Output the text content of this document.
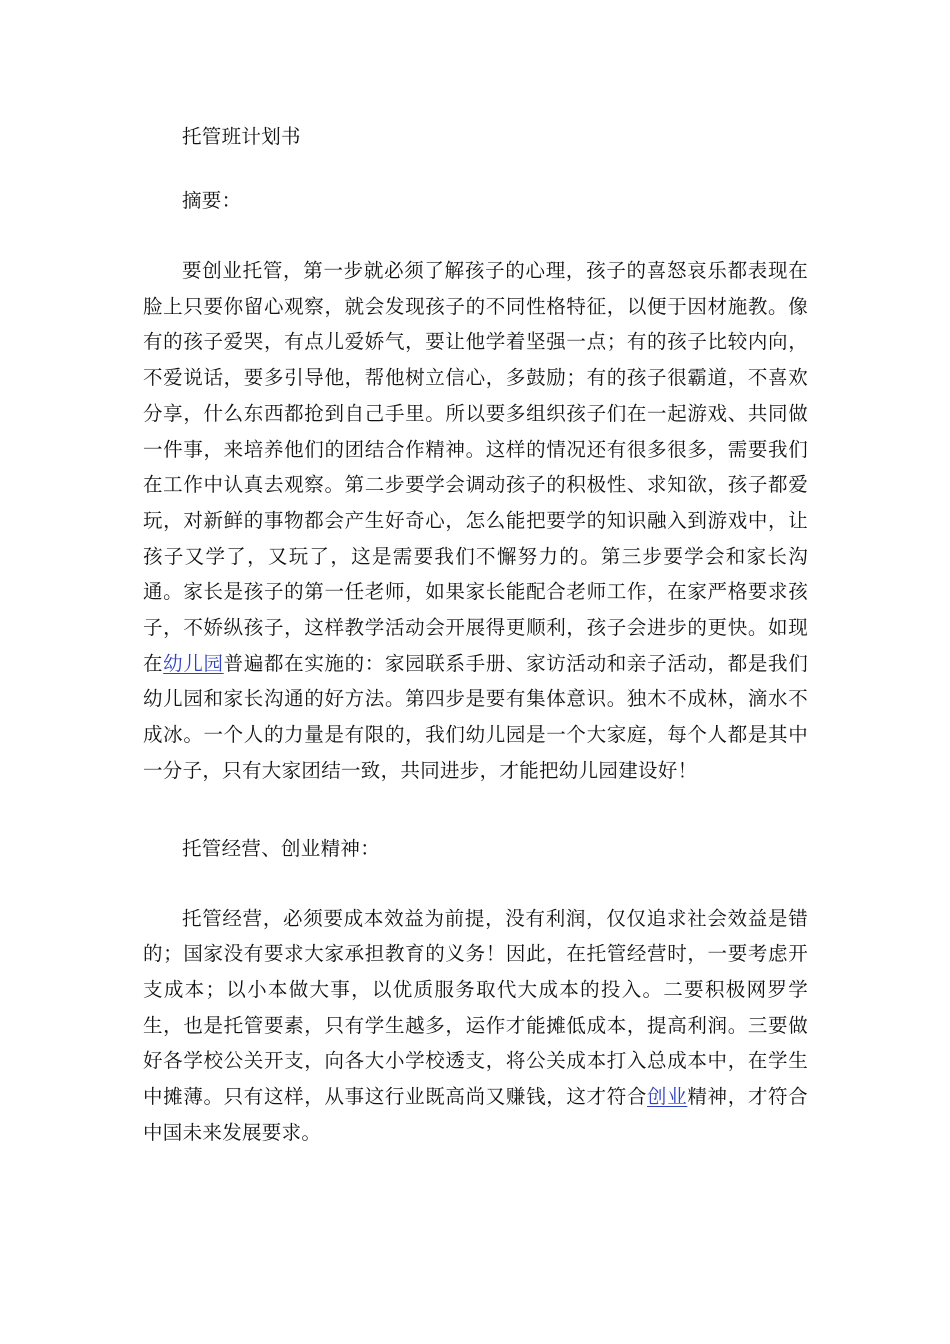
托管班计划书

摘要：

要创业托管，第一步就必须了解孩子的心理，孩子的喜怒哀乐都表现在脸上只要你留心观察，就会发现孩子的不同性格特征，以便于因材施教。像有的孩子爱哭，有点儿爱娇气，要让他学着坚强一点；有的孩子比较内向，不爱说话，要多引导他，帮他树立信心，多鼓励；有的孩子很霸道，不喜欢分享，什么东西都抢到自己手里。所以要多组织孩子们在一起游戏、共同做一件事，来培养他们的团结合作精神。这样的情况还有很多很多，需要我们在工作中认真去观察。第二步要学会调动孩子的积极性、求知欲，孩子都爱玩，对新鲜的事物都会产生好奇心，怎么能把要学的知识融入到游戏中，让孩子又学了，又玩了，这是需要我们不懈努力的。第三步要学会和家长沟通。家长是孩子的第一任老师，如果家长能配合老师工作，在家严格要求孩子，不娇纵孩子，这样教学活动会开展得更顺利，孩子会进步的更快。如现在幼儿园普遍都在实施的：家园联系手册、家访活动和亲子活动，都是我们幼儿园和家长沟通的好方法。第四步是要有集体意识。独木不成林，滴水不成冰。一个人的力量是有限的，我们幼儿园是一个大家庭，每个人都是其中一分子，只有大家团结一致，共同进步，才能把幼儿园建设好！

托管经营、创业精神：

托管经营，必须要成本效益为前提，没有利润，仅仅追求社会效益是错的；国家没有要求大家承担教育的义务！因此，在托管经营时，一要考虑开支成本；以小本做大事，以优质服务取代大成本的投入。二要积极网罗学生，也是托管要素，只有学生越多，运作才能摊低成本，提高利润。三要做好各学校公关开支，向各大小学校透支，将公关成本打入总成本中，在学生中摊薄。只有这样，从事这行业既高尚又赚钱，这才符合创业精神，才符合中国未来发展要求。
